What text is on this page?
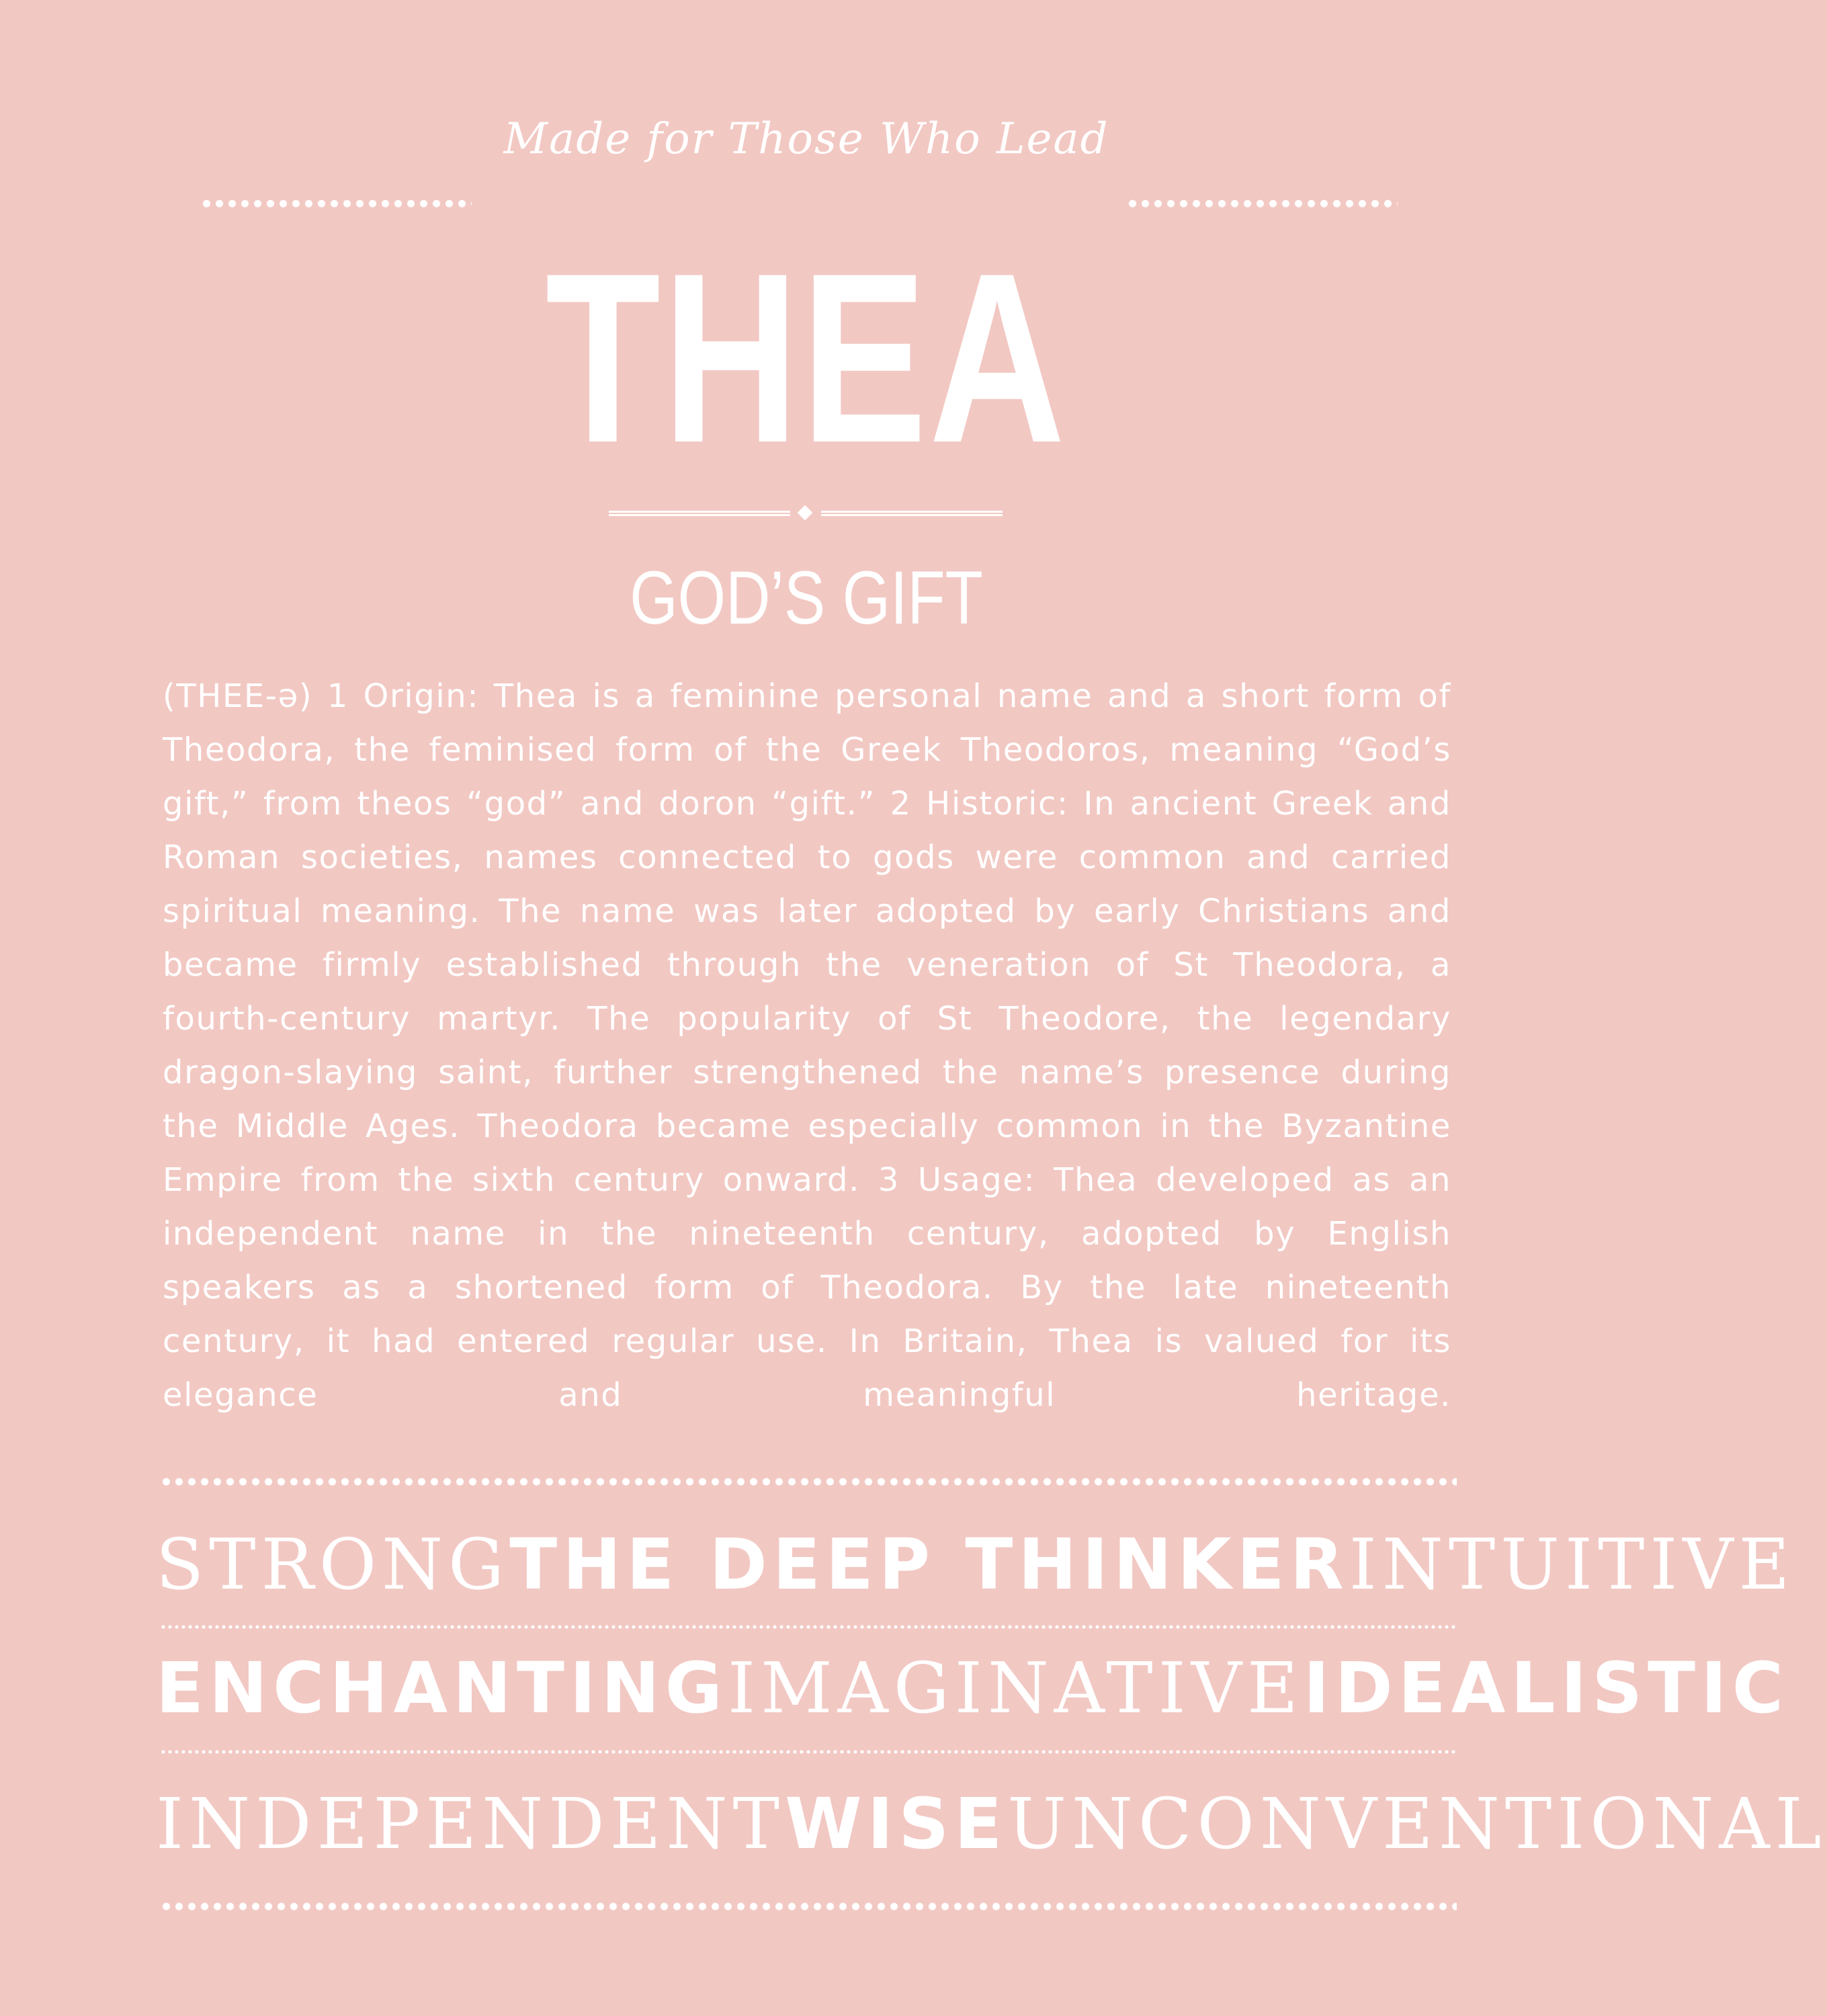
Made for Those Who Lead
THEA
GOD’S GIFT

(THEE-ə) 1 Origin: Thea is a feminine personal name and a short form of Theodora, the feminised form of the Greek Theodoros, meaning “God’s gift,” from theos “god” and doron “gift.” 2 Historic: In ancient Greek and Roman societies, names connected to gods were common and carried spiritual meaning. The name was later adopted by early Christians and became firmly established through the veneration of St Theodora, a fourth-century martyr. The popularity of St Theodore, the legendary dragon-slaying saint, further strengthened the name’s presence during the Middle Ages. Theodora became especially common in the Byzantine Empire from the sixth century onward. 3 Usage: Thea developed as an independent name in the nineteenth century, adopted by English speakers as a shortened form of Theodora. By the late nineteenth century, it had entered regular use. In Britain, Thea is valued for its elegance and meaningful heritage.

STRONG THE DEEP THINKER INTUITIVE
ENCHANTING IMAGINATIVE IDEALISTIC
INDEPENDENT WISE UNCONVENTIONAL
